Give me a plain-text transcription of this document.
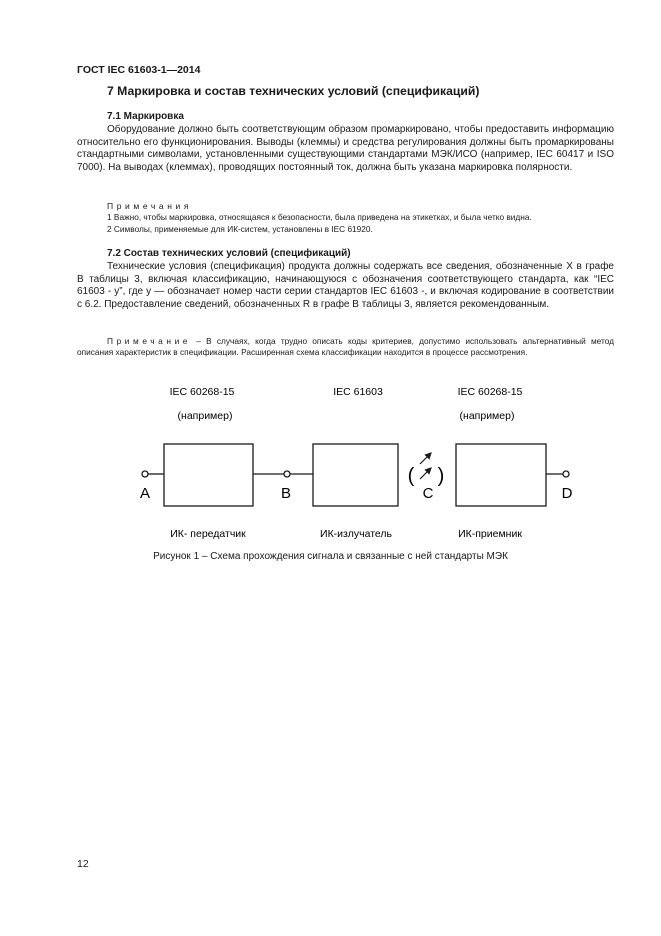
ГОСТ IEC 61603-1—2014
7 Маркировка и состав технических условий (спецификаций)
7.1 Маркировка

Оборудование должно быть соответствующим образом промаркировано, чтобы предоставить информацию относительно его функционирования. Выводы (клеммы) и средства регулирования должны быть промаркированы стандартными символами, установленными существующими стандартами МЭК/ИСО (например, IEC 60417 и ISO 7000). На выводах (клеммах), проводящих постоянный ток, должна быть указана маркировка полярности.

Примечания
1 Важно, чтобы маркировка, относящаяся к безопасности, была приведена на этикетках, и была четко видна.
2 Символы, применяемые для ИК-систем, установлены в IEC 61920.
7.2 Состав технических условий (спецификаций)

Технические условия (спецификация) продукта должны содержать все сведения, обозначенные X в графе B таблицы 3, включая классификацию, начинающуюся с обозначения соответствующего стандарта, как “IEC 61603 - y”, где y — обозначает номер части серии стандартов IEC 61603 -, и включая кодирование в соответствии с 6.2. Предоставление сведений, обозначенных R в графе B таблицы 3, является рекомендованным.

Примечание – В случаях, когда трудно описать коды критериев, допустимо использовать альтернативный метод описания характеристик в спецификации. Расширенная схема классификации находится в процессе рассмотрения.

IEC 60268-15	IEC 61603	IEC 60268-15
(например)	(например)
( )
A	B	C	D
ИК- передатчик	ИК-излучатель	ИК-приемник
Рисунок 1 – Схема прохождения сигнала и связанные с ней стандарты МЭК
12
